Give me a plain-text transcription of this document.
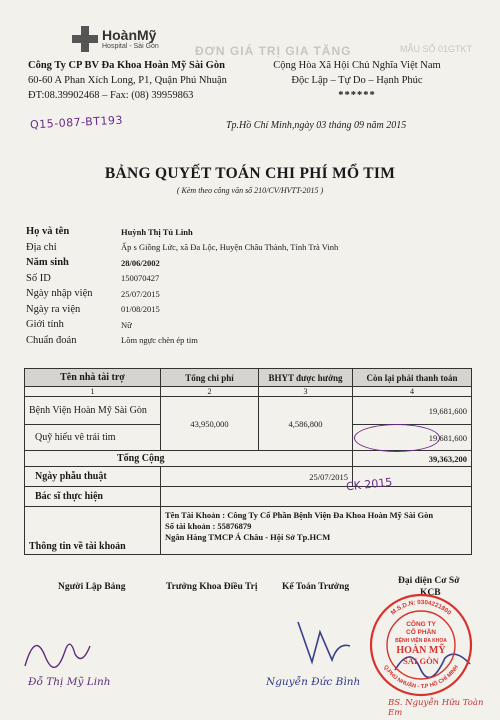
ĐƠN GIÁ TRỊ GIA TĂNG	MẪU SỐ 01GTKT
HoànMỹ
Hospital - Sài Gòn
Công Ty CP BV Đa Khoa Hoàn Mỹ Sài Gòn
60-60 A Phan Xích Long, P1, Quận Phú Nhuận
ĐT:08.39902468 – Fax: (08) 39959863
Cộng Hòa Xã Hội Chủ Nghĩa Việt Nam
Độc Lập – Tự Do – Hạnh Phúc
******
Q15-087-BT193	Tp.Hồ Chí Minh,ngày 03 tháng 09 năm 2015
BẢNG QUYẾT TOÁN CHI PHÍ MỔ TIM
( Kèm theo công văn số 210/CV/HVTT-2015 )
Họ và tên	Huỳnh Thị Tú Linh
Địa chỉ	Ấp s Giồng Lức, xã Đa Lộc, Huyện Châu Thành, Tỉnh Trà Vinh
Năm sinh	28/06/2002
Số ID	150070427
Ngày nhập viện	25/07/2015
Ngày ra viện	01/08/2015
Giới tính	Nữ
Chuẩn đoán	Lõm ngực chèn ép tim
Tên nhà tài trợ	Tổng chi phí	BHYT được hưởng	Còn lại phải thanh toán
1	2	3	4
Bệnh Viện Hoàn Mỹ Sài Gòn	43,950,000	4,586,800	19,681,600
Quỹ hiếu vê trái tim			19,681,600
Tổng Cộng			39,363,200
Ngày phẫu thuật	25/07/2015		
Bác sĩ thực hiện			
Thông tin về tài khoản	Tên Tài Khoản : Công Ty Cổ Phần Bệnh Viện Đa Khoa Hoàn Mỹ Sài Gòn
Số tài khoản : 55876879
Ngân Hàng TMCP Á Châu - Hội Sở Tp.HCM		
CK 2015
Người Lập Bảng	Trưởng Khoa Điều Trị	Kế Toán Trưởng
Đại diện Cơ Sở
KCB
Đỗ Thị Mỹ Linh	Nguyễn Đức Bình
BS. Nguyễn Hữu Toàn Em
M.S.D.N: 0304221800
Q.PHÚ NHUẬN - T.P HỒ CHÍ MINH
CÔNG TY
CỔ PHẦN
BỆNH VIỆN ĐA KHOA
HOÀN MỸ
SÀI GÒN
